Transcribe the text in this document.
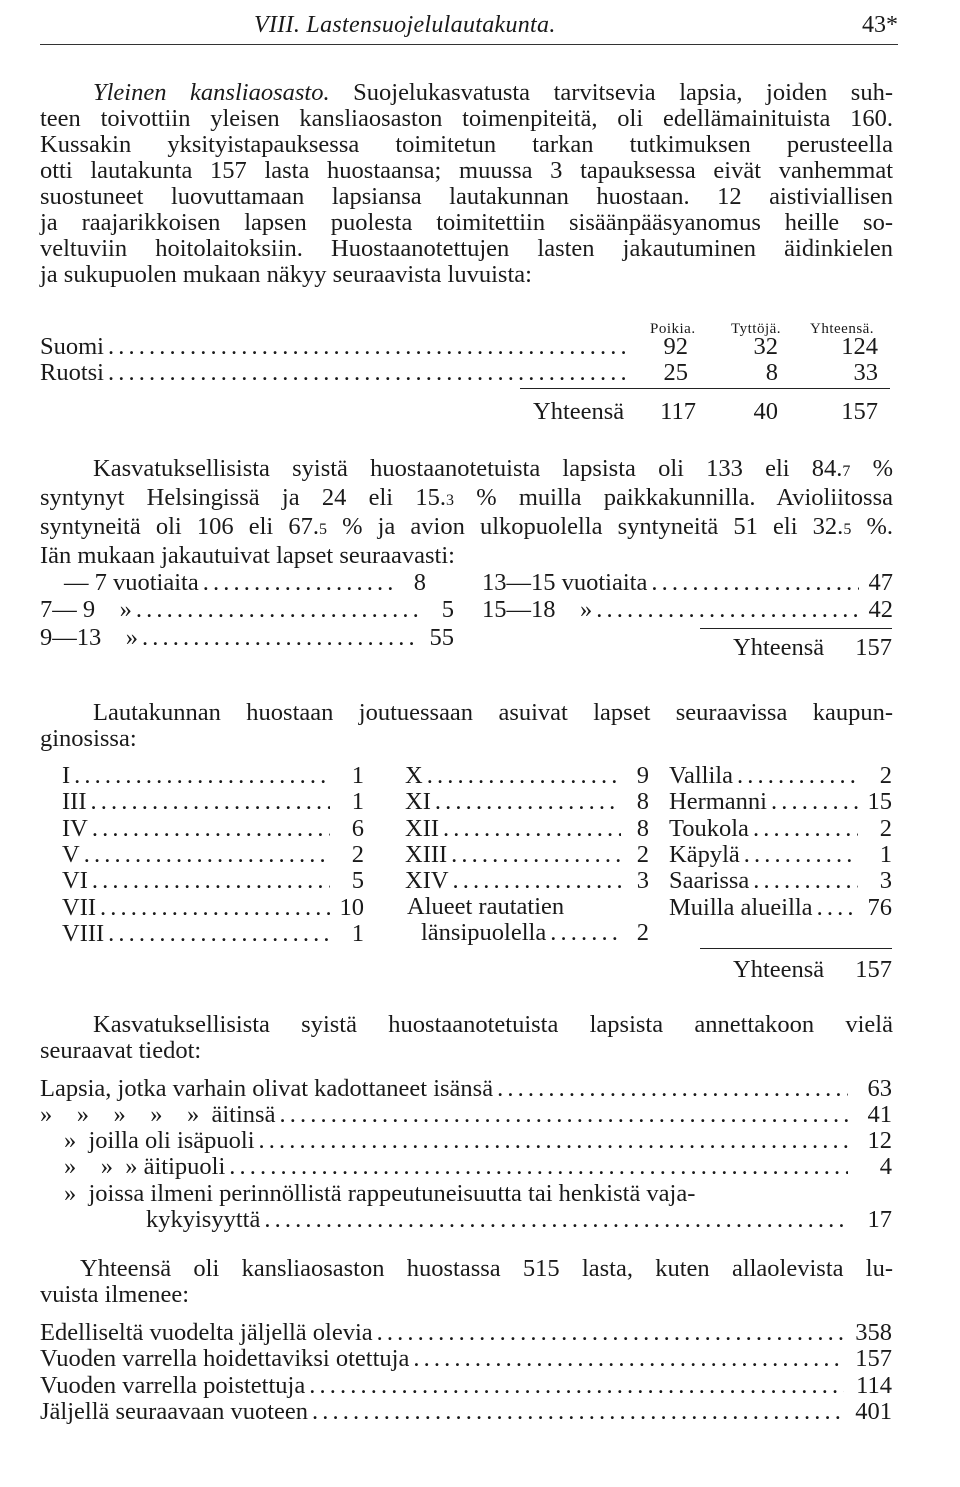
VIII. Lastensuojelulautakunta.	43*
Yleinen kansliaosasto. Suojelukasvatusta tarvitsevia lapsia, joiden suh-
teen toivottiin yleisen kansliaosaston toimenpiteitä, oli edellämainituista 160.
Kussakin yksityistapauksessa toimitetun tarkan tutkimuksen perusteella
otti lautakunta 157 lasta huostaansa; muussa 3 tapauksessa eivät vanhemmat
suostuneet luovuttamaan lapsiansa lautakunnan huostaan. 12 aistiviallisen
ja raajarikkoisen lapsen puolesta toimitettiin sisäänpääsyanomus heille so-
veltuviin hoitolaitoksiin. Huostaanotettujen lasten jakautuminen äidinkielen
ja sukupuolen mukaan näkyy seuraavista luvuista:
Poikia. Tyttöjä. Yhteensä.
Suomi . . .	92	32	124
Ruotsi . . .	25	8	33
Yhteensä	117	40	157
Kasvatuksellisista syistä huostaanotetuista lapsista oli 133 eli 84.7 %
syntynyt Helsingissä ja 24 eli 15.3 % muilla paikkakunnilla. Avioliitossa
syntyneitä oli 106 eli 67.5 % ja avion ulkopuolella syntyneitä 51 eli 32.5 %.
Iän mukaan jakautuivat lapset seuraavasti:
— 7 vuotiaita . . .	8
7— 9    » . . .	5
9—13    » . . .	55
13—15 vuotiaita . . .	47
15—18    » . . .	42
Yhteensä	157
Lautakunnan huostaan joutuessaan asuivat lapset seuraavissa kaupun-
ginosissa:
I . . .	1
III . . .	1
IV . . .	6
V . . .	2
VI . . .	5
VII . . .	10
VIII . . .	1
X . . .	9
XI . . .	8
XII . . .	8
XIII . . .	2
XIV . . .	3
Vallila . . .	2
Hermanni . . .	15
Toukola . . .	2
Käpylä . . .	1
Saarissa . . .	3
Muilla alueilla . . . 76
Alueet rautatien
länsipuolella . . .	2
Yhteensä	157
Kasvatuksellisista syistä huostaanotetuista lapsista annettakoon vielä
seuraavat tiedot:
Lapsia, jotka varhain olivat kadottaneet isänsä . . .	63
»    »    »    »    »  äitinsä . . .	41
»  joilla oli isäpuoli . . .	12
»    »  » äitipuoli . . .	4
»  joissa ilmeni perinnöllistä rappeutuneisuutta tai henkistä vaja-
kykyisyyttä . . .	17
Yhteensä oli kansliaosaston huostassa 515 lasta, kuten allaolevista lu-
vuista ilmenee:
Edelliseltä vuodelta jäljellä olevia . . .	358
Vuoden varrella hoidettaviksi otettuja . . .	157
Vuoden varrella poistettuja . . .	114
Jäljellä seuraavaan vuoteen . . .	401
